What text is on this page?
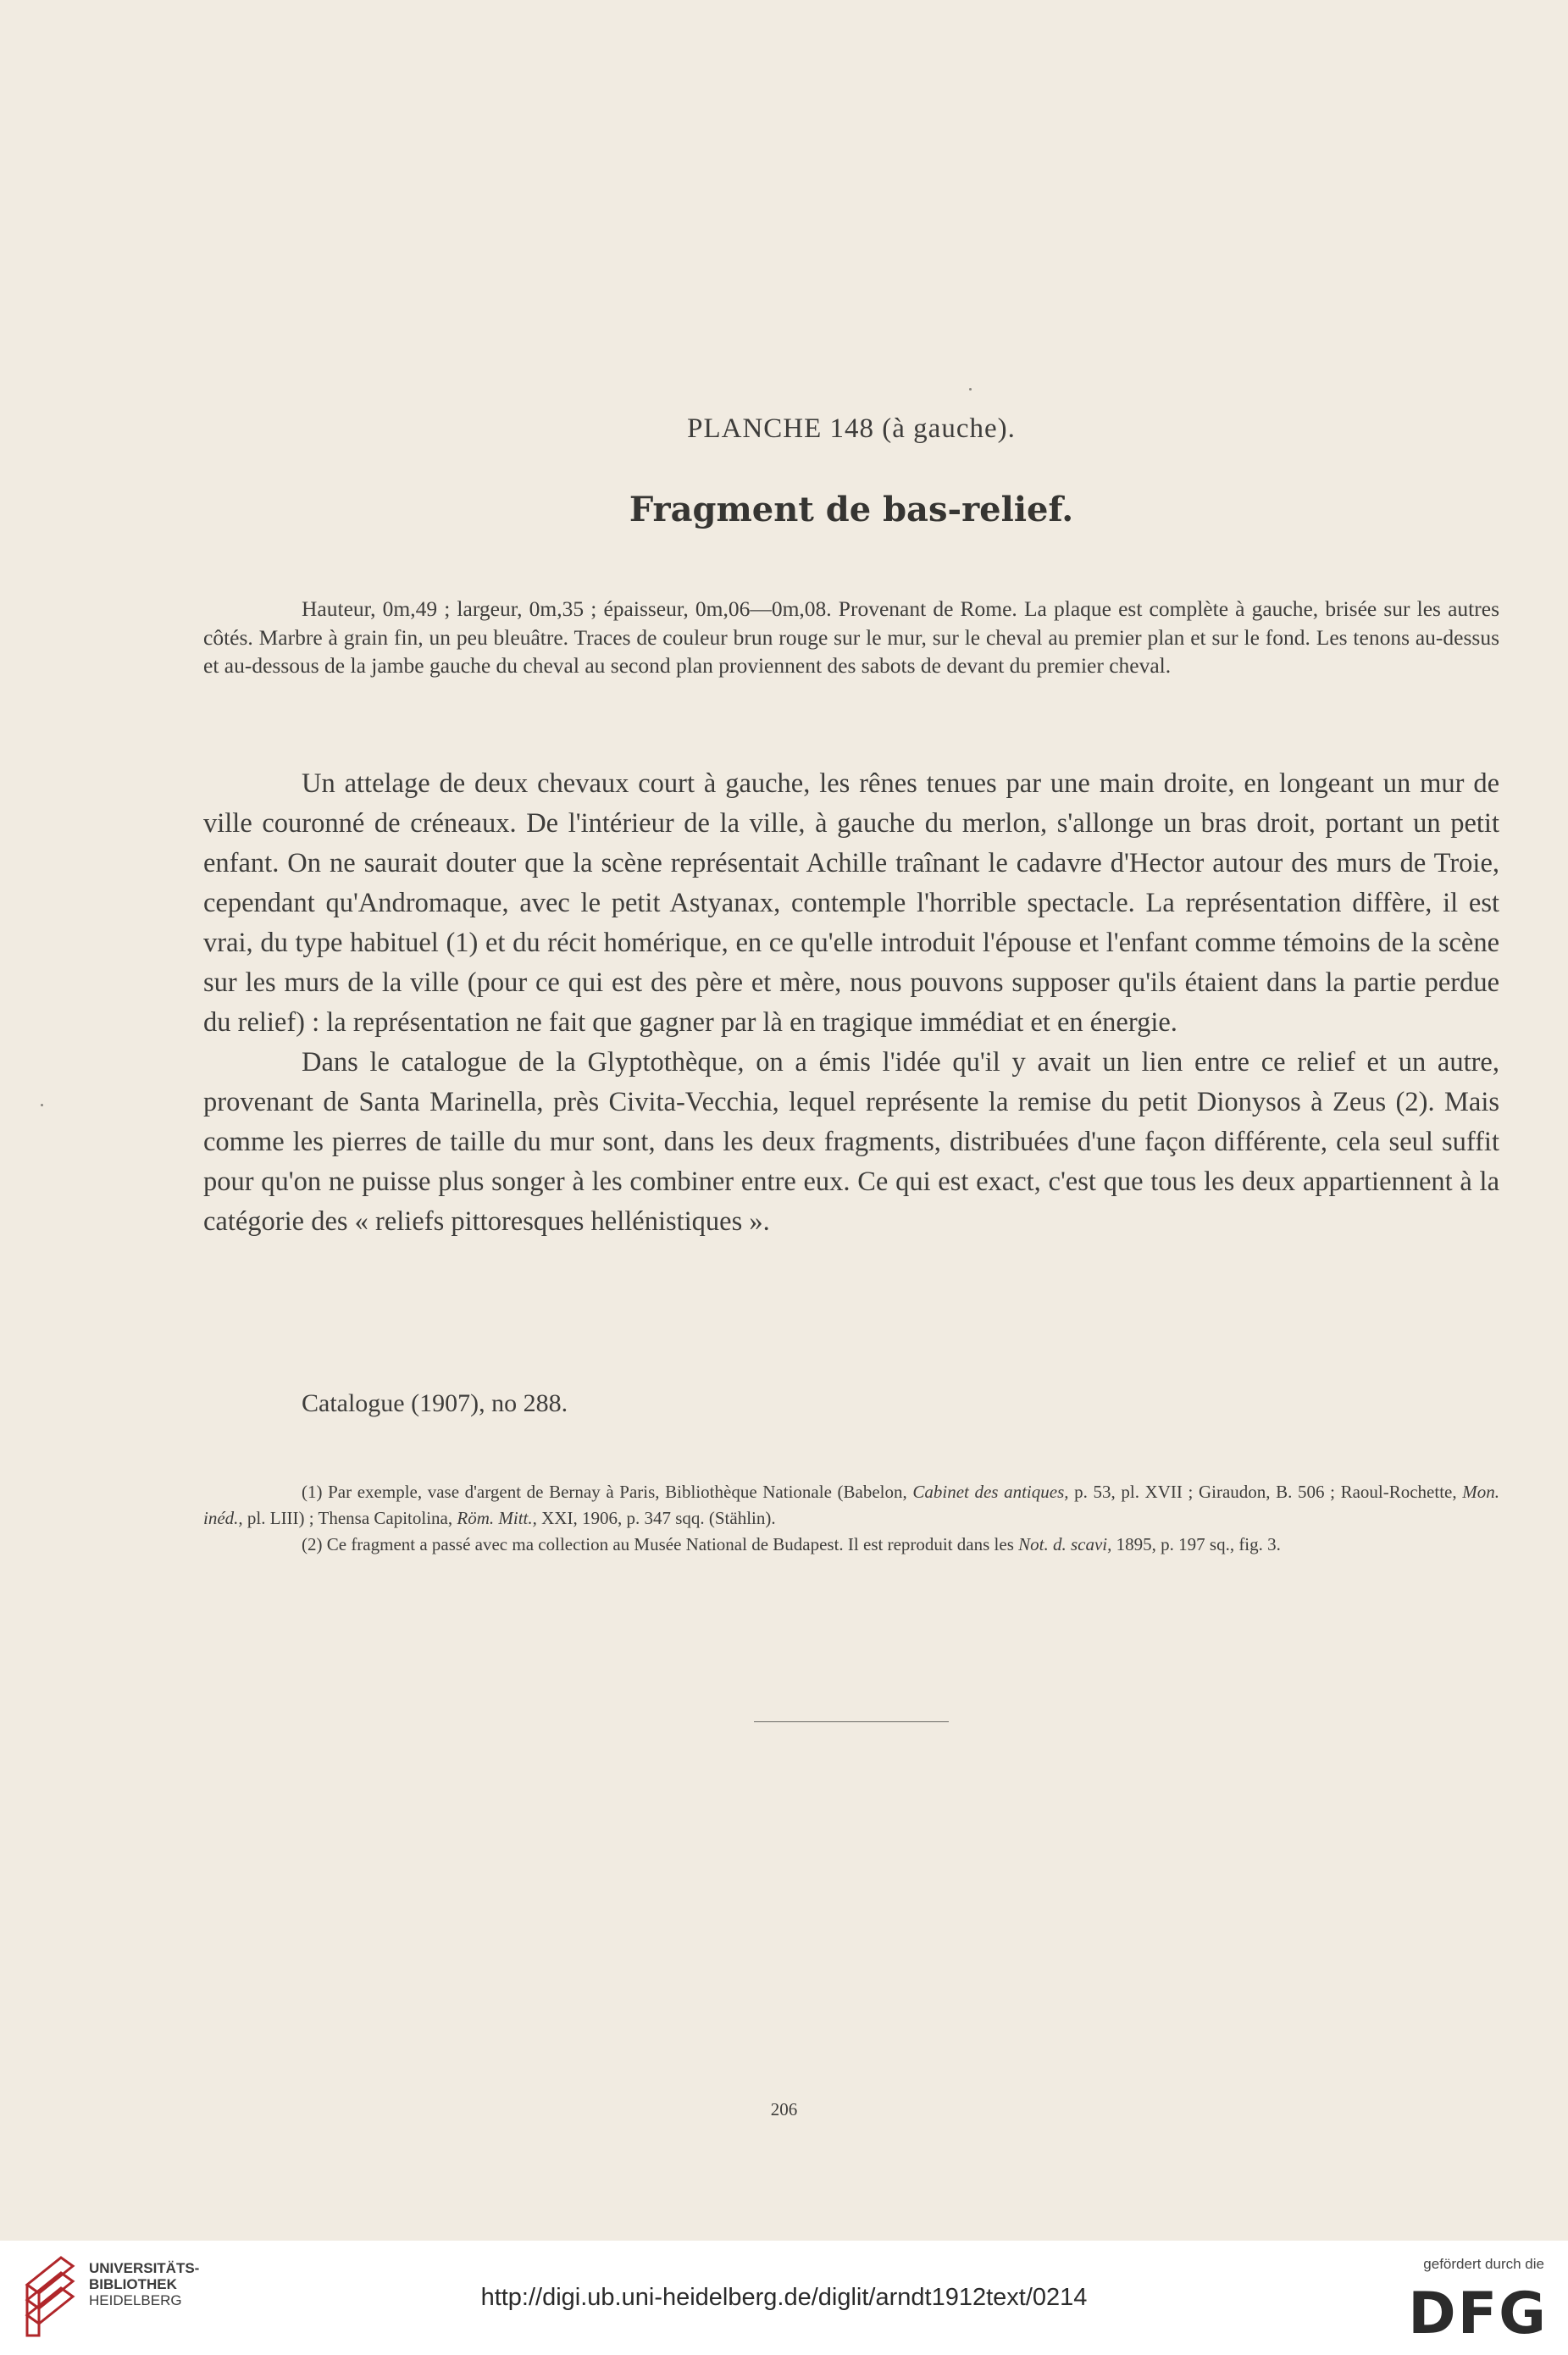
PLANCHE 148 (à gauche).
Fragment de bas-relief.

Hauteur, 0m,49 ; largeur, 0m,35 ; épaisseur, 0m,06—0m,08. Provenant de Rome. La plaque est complète à gauche, brisée sur les autres côtés. Marbre à grain fin, un peu bleuâtre. Traces de couleur brun rouge sur le mur, sur le cheval au premier plan et sur le fond. Les tenons au-dessus et au-dessous de la jambe gauche du cheval au second plan proviennent des sabots de devant du premier cheval.

Un attelage de deux chevaux court à gauche, les rênes tenues par une main droite, en longeant un mur de ville couronné de créneaux. De l'intérieur de la ville, à gauche du merlon, s'allonge un bras droit, portant un petit enfant. On ne saurait douter que la scène représentait Achille traînant le cadavre d'Hector autour des murs de Troie, cependant qu'Andromaque, avec le petit Astyanax, contemple l'horrible spectacle. La représentation diffère, il est vrai, du type habituel (1) et du récit homérique, en ce qu'elle introduit l'épouse et l'enfant comme témoins de la scène sur les murs de la ville (pour ce qui est des père et mère, nous pouvons supposer qu'ils étaient dans la partie perdue du relief) : la représentation ne fait que gagner par là en tragique immédiat et en énergie.

Dans le catalogue de la Glyptothèque, on a émis l'idée qu'il y avait un lien entre ce relief et un autre, provenant de Santa Marinella, près Civita-Vecchia, lequel représente la remise du petit Dionysos à Zeus (2). Mais comme les pierres de taille du mur sont, dans les deux fragments, distribuées d'une façon différente, cela seul suffit pour qu'on ne puisse plus songer à les combiner entre eux. Ce qui est exact, c'est que tous les deux appartiennent à la catégorie des « reliefs pittoresques hellénistiques ».

Catalogue (1907), no 288.

(1) Par exemple, vase d'argent de Bernay à Paris, Bibliothèque Nationale (Babelon, Cabinet des antiques, p. 53, pl. XVII ; Giraudon, B. 506 ; Raoul-Rochette, Mon. inéd., pl. LIII) ; Thensa Capitolina, Röm. Mitt., XXI, 1906, p. 347 sqq. (Stählin).

(2) Ce fragment a passé avec ma collection au Musée National de Budapest. Il est reproduit dans les Not. d. scavi, 1895, p. 197 sq., fig. 3.

206
UNIVERSITÄTS-
BIBLIOTHEK
HEIDELBERG	http://digi.ub.uni-heidelberg.de/diglit/arndt1912text/0214
gefördert durch die
DFG
